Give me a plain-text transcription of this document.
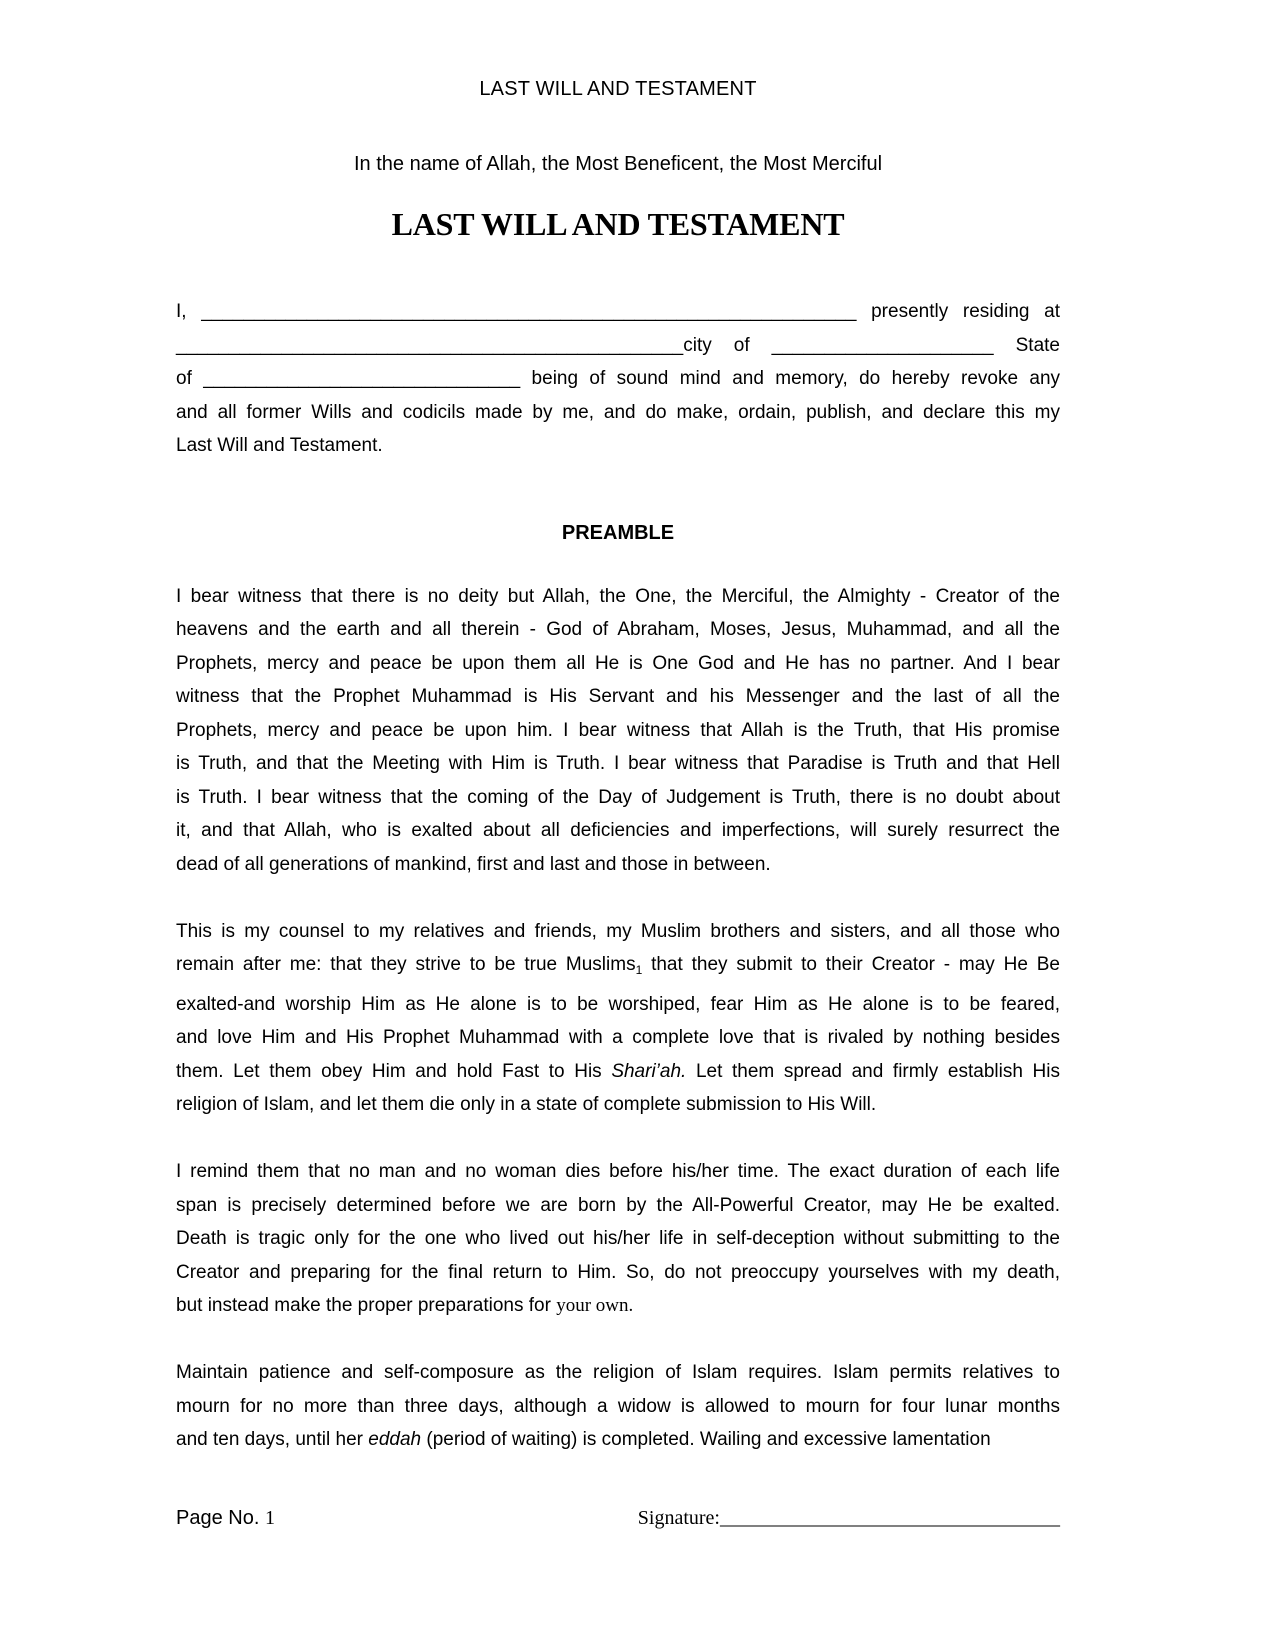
LAST WILL AND TESTAMENT
In the name of Allah, the Most Beneficent, the Most Merciful
LAST WILL AND TESTAMENT
I, ______________________________________________________________ presently residing at
________________________________________________city of _____________________ State
of ______________________________ being of sound mind and memory, do hereby revoke any
and all former Wills and codicils made by me, and do make, ordain, publish, and declare this my
Last Will and Testament.
PREAMBLE
I bear witness that there is no deity but Allah, the One, the Merciful, the Almighty - Creator of the
heavens and the earth and all therein - God of Abraham, Moses, Jesus, Muhammad, and all the
Prophets, mercy and peace be upon them all He is One God and He has no partner. And I bear
witness that the Prophet Muhammad is His Servant and his Messenger and the last of all the
Prophets, mercy and peace be upon him. I bear witness that Allah is the Truth, that His promise
is Truth, and that the Meeting with Him is Truth. I bear witness that Paradise is Truth and that Hell
is Truth. I bear witness that the coming of the Day of Judgement is Truth, there is no doubt about
it, and that Allah, who is exalted about all deficiencies and imperfections, will surely resurrect the
dead of all generations of mankind, first and last and those in between.
This is my counsel to my relatives and friends, my Muslim brothers and sisters, and all those who
remain after me: that they strive to be true Muslims$_1$ that they submit to their Creator - may He Be
exalted-and worship Him as He alone is to be worshiped, fear Him as He alone is to be feared,
and love Him and His Prophet Muhammad with a complete love that is rivaled by nothing besides
them. Let them obey Him and hold Fast to His Shari’ah. Let them spread and firmly establish His
religion of Islam, and let them die only in a state of complete submission to His Will.
I remind them that no man and no woman dies before his/her time. The exact duration of each life
span is precisely determined before we are born by the All-Powerful Creator, may He be exalted.
Death is tragic only for the one who lived out his/her life in self-deception without submitting to the
Creator and preparing for the final return to Him. So, do not preoccupy yourselves with my death,
but instead make the proper preparations for your own.
Maintain patience and self-composure as the religion of Islam requires. Islam permits relatives to
mourn for no more than three days, although a widow is allowed to mourn for four lunar months
and ten days, until her eddah (period of waiting) is completed. Wailing and excessive lamentation
Page No. 1	Signature:__________________________________
